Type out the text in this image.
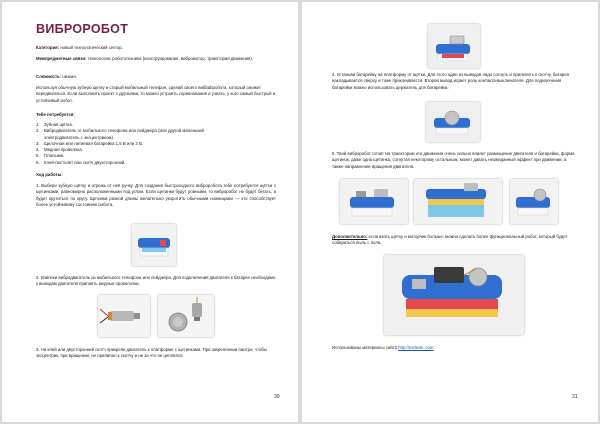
ВИБРОРОБОТ
Категория: новый технологический сектор.
Межпредметные связи: технология, робототехника (конструирование, вибромотор, траектория движения).
Сложность: низкая.
Используя обычную зубную щетку и старый мобильный телефон, сделай своего вибbabробота, который сможет передвигаться. Если выполнить проект с друзьями, то можно устроить соревнования и узнать, у кого самый быстрый и устойчивый робот.
Тебе потребуется:
1.	Зубная щётка.
2.	Вибродвигатель от мобильного телефона или пейджера (или другой маленький электродвигатель с эксцентриком).
3.	Щелочная или литиевая батарейка 1,5 В или 3 В.
4.	Медная проволока.
5.	Плальник.
6.	Клей-пистолет или скотч двухсторонний.
Ход работы:
1. Выбери зубную щётку и отрежь от неё ручку. Для создания быстроходного виброробота тебе потребуется щётка с щетинками, равномерно расположенными под углом. Если щетинки будут ровными, то виброробот не будет бегать, а будет крутиться по кругу. Щетинки разной длины желательно укоротить обычными ножницами — это способствует более устойчивому состоянию робота.
2. Извлеки вибродвигатель из мобильного телефона или пейджера. Для подключения двигателя к батарее необходимо к выводам двигателя припаять медные проволочки.
3. На клей или двусторонний скотч прикрепи двигатель к платформе с щетинками. При закреплении смотри, чтобы эксцентрик, при вращении, не прилипал к скотчу и ни за что не цеплялся.
30
4. Установи батарейку на платформу от щётки. Для этого один из выводов надо согнуть и прилепить к скотчу, батарея накладывается сверху и тоже приклеивается. Второй вывод играет роль контакта-выключателя. Для подключения батарейки можно использовать держатель для батарейки.
5. Твой виброробот готов! На траекторию его движения очень сильно влияет размещение двигателя и батарейки, форма щетинок, даже одна щетинка, согнутая некоторому остальным, может давать неожиданный эффект при движении, а также направление вращения двигателя.
Дополнительно: если взять щётку и моторчик больше, можно сделать более функциональный робот, который будет собираться пыль с пола.
Использованы материалы сайта http://mirlede..com
31
